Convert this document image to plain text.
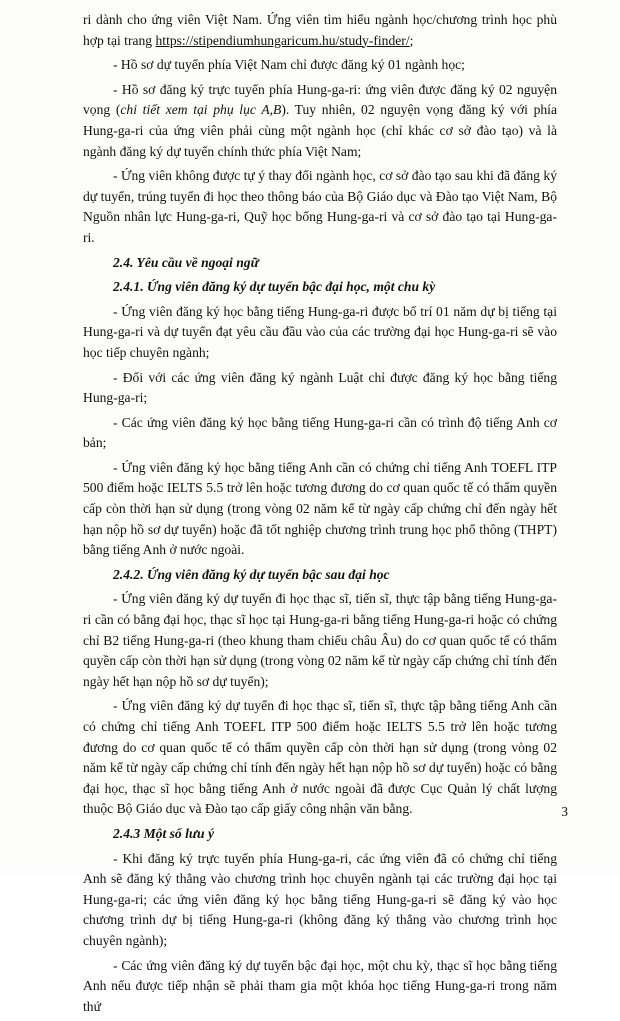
ri dành cho ứng viên Việt Nam. Ứng viên tìm hiểu ngành học/chương trình học phù hợp tại trang https://stipendiumhungaricum.hu/study-finder/;

- Hồ sơ dự tuyển phía Việt Nam chỉ được đăng ký 01 ngành học;

- Hồ sơ đăng ký trực tuyến phía Hung-ga-ri: ứng viên được đăng ký 02 nguyện vọng (chi tiết xem tại phụ lục A,B). Tuy nhiên, 02 nguyện vọng đăng ký với phía Hung-ga-ri của ứng viên phải cùng một ngành học (chỉ khác cơ sở đào tạo) và là ngành đăng ký dự tuyển chính thức phía Việt Nam;

- Ứng viên không được tự ý thay đổi ngành học, cơ sở đào tạo sau khi đã đăng ký dự tuyển, trúng tuyển đi học theo thông báo của Bộ Giáo dục và Đào tạo Việt Nam, Bộ Nguồn nhân lực Hung-ga-ri, Quỹ học bổng Hung-ga-ri và cơ sở đào tạo tại Hung-ga-ri.

2.4. Yêu cầu về ngoại ngữ

2.4.1. Ứng viên đăng ký dự tuyển bậc đại học, một chu kỳ

- Ứng viên đăng ký học bằng tiếng Hung-ga-ri được bố trí 01 năm dự bị tiếng tại Hung-ga-ri và dự tuyển đạt yêu cầu đầu vào của các trường đại học Hung-ga-ri sẽ vào học tiếp chuyên ngành;

- Đối với các ứng viên đăng ký ngành Luật chỉ được đăng ký học bằng tiếng Hung-ga-ri;

- Các ứng viên đăng ký học bằng tiếng Hung-ga-ri cần có trình độ tiếng Anh cơ bản;

- Ứng viên đăng ký học bằng tiếng Anh cần có chứng chỉ tiếng Anh TOEFL ITP 500 điểm hoặc IELTS 5.5 trở lên hoặc tương đương do cơ quan quốc tế có thẩm quyền cấp còn thời hạn sử dụng (trong vòng 02 năm kể từ ngày cấp chứng chỉ đến ngày hết hạn nộp hồ sơ dự tuyển) hoặc đã tốt nghiệp chương trình trung học phổ thông (THPT) bằng tiếng Anh ở nước ngoài.

2.4.2. Ứng viên đăng ký dự tuyển bậc sau đại học

- Ứng viên đăng ký dự tuyển đi học thạc sĩ, tiến sĩ, thực tập bằng tiếng Hung-ga-ri cần có bằng đại học, thạc sĩ học tại Hung-ga-ri bằng tiếng Hung-ga-ri hoặc có chứng chỉ B2 tiếng Hung-ga-ri (theo khung tham chiếu châu Âu) do cơ quan quốc tế có thẩm quyền cấp còn thời hạn sử dụng (trong vòng 02 năm kể từ ngày cấp chứng chỉ tính đến ngày hết hạn nộp hồ sơ dự tuyển);

- Ứng viên đăng ký dự tuyển đi học thạc sĩ, tiến sĩ, thực tập bằng tiếng Anh cần có chứng chỉ tiếng Anh TOEFL ITP 500 điểm hoặc IELTS 5.5 trở lên hoặc tương đương do cơ quan quốc tế có thẩm quyền cấp còn thời hạn sử dụng (trong vòng 02 năm kể từ ngày cấp chứng chỉ tính đến ngày hết hạn nộp hồ sơ dự tuyển) hoặc có bằng đại học, thạc sĩ học bằng tiếng Anh ở nước ngoài đã được Cục Quản lý chất lượng thuộc Bộ Giáo dục và Đào tạo cấp giấy công nhận văn bằng.

2.4.3 Một số lưu ý

- Khi đăng ký trực tuyến phía Hung-ga-ri, các ứng viên đã có chứng chỉ tiếng Anh sẽ đăng ký thẳng vào chương trình học chuyên ngành tại các trường đại học tại Hung-ga-ri; các ứng viên đăng ký học bằng tiếng Hung-ga-ri sẽ đăng ký vào học chương trình dự bị tiếng Hung-ga-ri (không đăng ký thẳng vào chương trình học chuyên ngành);

- Các ứng viên đăng ký dự tuyển bậc đại học, một chu kỳ, thạc sĩ học bằng tiếng Anh nếu được tiếp nhận sẽ phải tham gia một khóa học tiếng Hung-ga-ri trong năm thứ

3
